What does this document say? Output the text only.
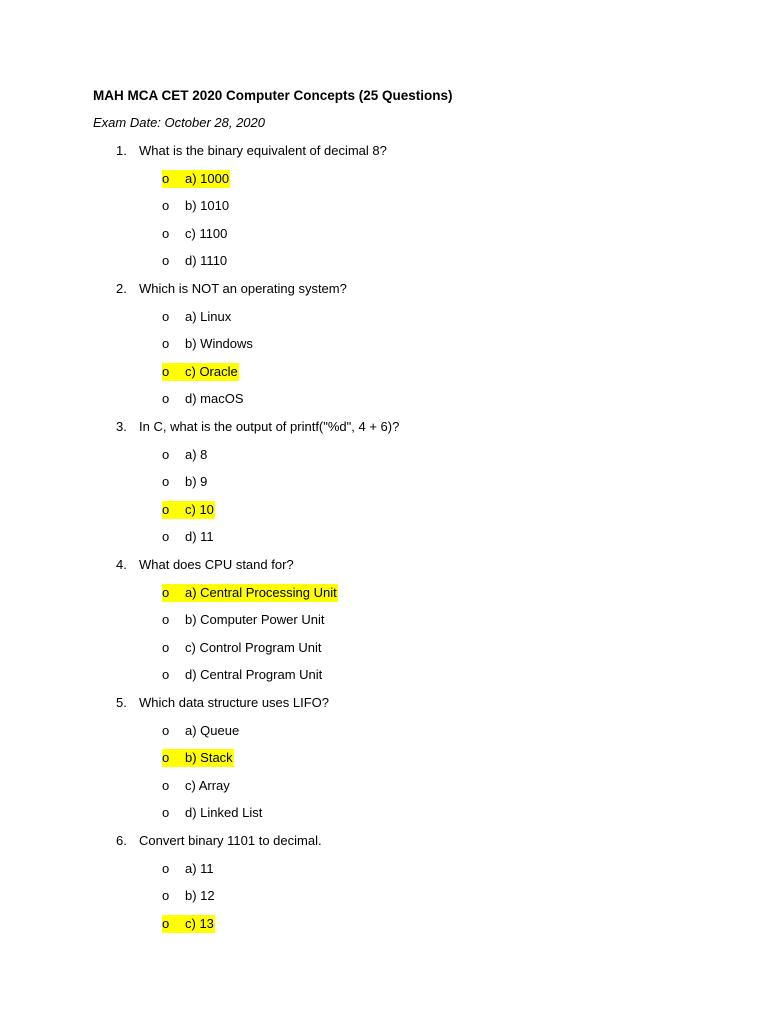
MAH MCA CET 2020 Computer Concepts (25 Questions)
Exam Date: October 28, 2020
1. What is the binary equivalent of decimal 8?
o a) 1000
o b) 1010
o c) 1100
o d) 1110
2. Which is NOT an operating system?
o a) Linux
o b) Windows
o c) Oracle
o d) macOS
3. In C, what is the output of printf("%d", 4 + 6)?
o a) 8
o b) 9
o c) 10
o d) 11
4. What does CPU stand for?
o a) Central Processing Unit
o b) Computer Power Unit
o c) Control Program Unit
o d) Central Program Unit
5. Which data structure uses LIFO?
o a) Queue
o b) Stack
o c) Array
o d) Linked List
6. Convert binary 1101 to decimal.
o a) 11
o b) 12
o c) 13
